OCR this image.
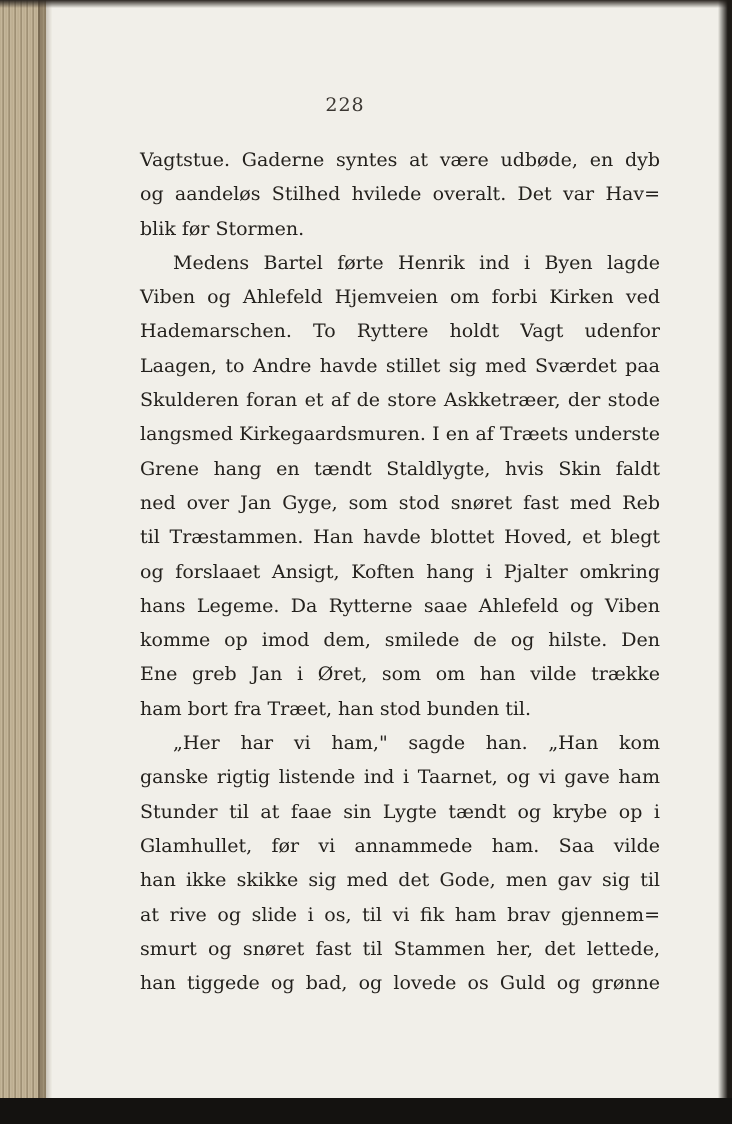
228
Vagtstue. Gaderne syntes at være udbøde, en dyb
og aandeløs Stilhed hvilede overalt. Det var Hav=
blik før Stormen.
Medens Bartel førte Henrik ind i Byen lagde
Viben og Ahlefeld Hjemveien om forbi Kirken ved
Hademarschen. To Ryttere holdt Vagt udenfor
Laagen, to Andre havde stillet sig med Sværdet paa
Skulderen foran et af de store Askketræer, der stode
langsmed Kirkegaardsmuren. I en af Træets underste
Grene hang en tændt Staldlygte, hvis Skin faldt
ned over Jan Gyge, som stod snøret fast med Reb
til Træstammen. Han havde blottet Hoved, et blegt
og forslaaet Ansigt, Koften hang i Pjalter omkring
hans Legeme. Da Rytterne saae Ahlefeld og Viben
komme op imod dem, smilede de og hilste. Den
Ene greb Jan i Øret, som om han vilde trække
ham bort fra Træet, han stod bunden til.
„Her har vi ham," sagde han. „Han kom
ganske rigtig listende ind i Taarnet, og vi gave ham
Stunder til at faae sin Lygte tændt og krybe op i
Glamhullet, før vi annammede ham. Saa vilde
han ikke skikke sig med det Gode, men gav sig til
at rive og slide i os, til vi fik ham brav gjennem=
smurt og snøret fast til Stammen her, det lettede,
han tiggede og bad, og lovede os Guld og grønne
